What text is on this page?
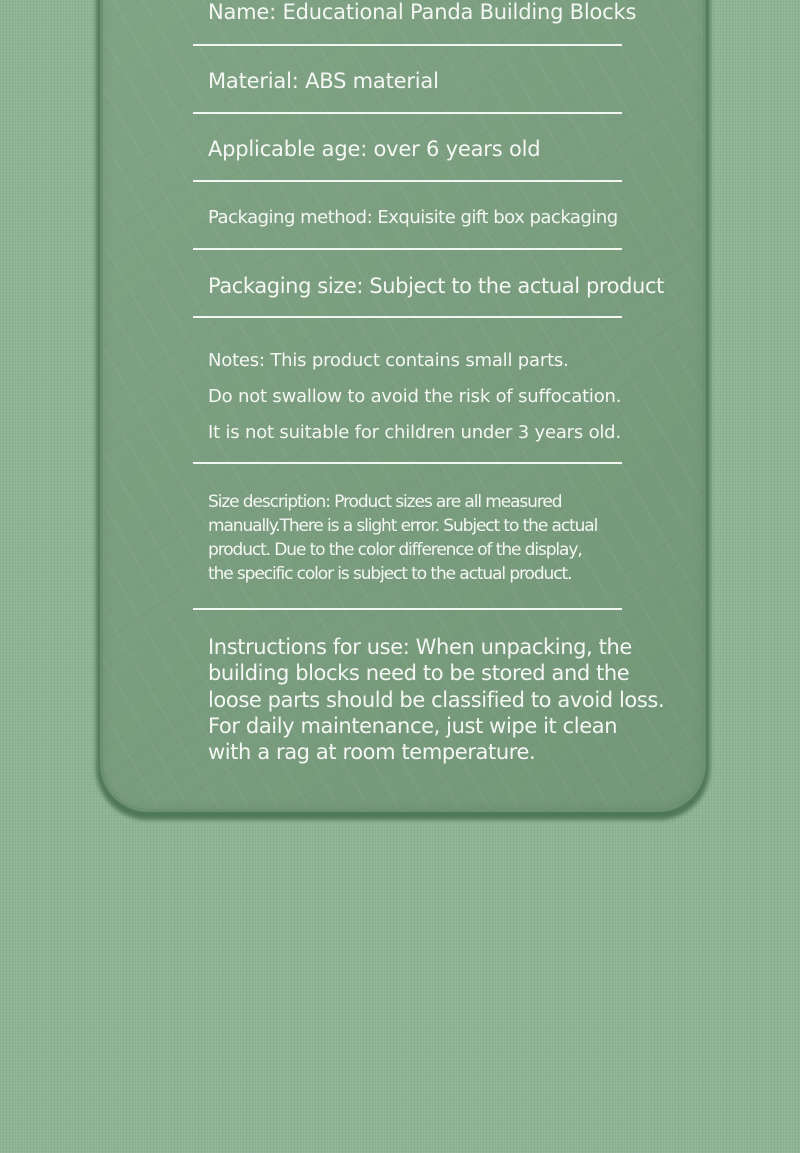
Name: Educational Panda Building Blocks
Material: ABS material
Applicable age: over 6 years old
Packaging method: Exquisite gift box packaging
Packaging size: Subject to the actual product
Notes: This product contains small parts.
Do not swallow to avoid the risk of suffocation.
It is not suitable for children under 3 years old.
Size description: Product sizes are all measured
manually.There is a slight error. Subject to the actual
product. Due to the color difference of the display,
the specific color is subject to the actual product.
Instructions for use: When unpacking, the
building blocks need to be stored and the
loose parts should be classified to avoid loss.
For daily maintenance, just wipe it clean
with a rag at room temperature.
